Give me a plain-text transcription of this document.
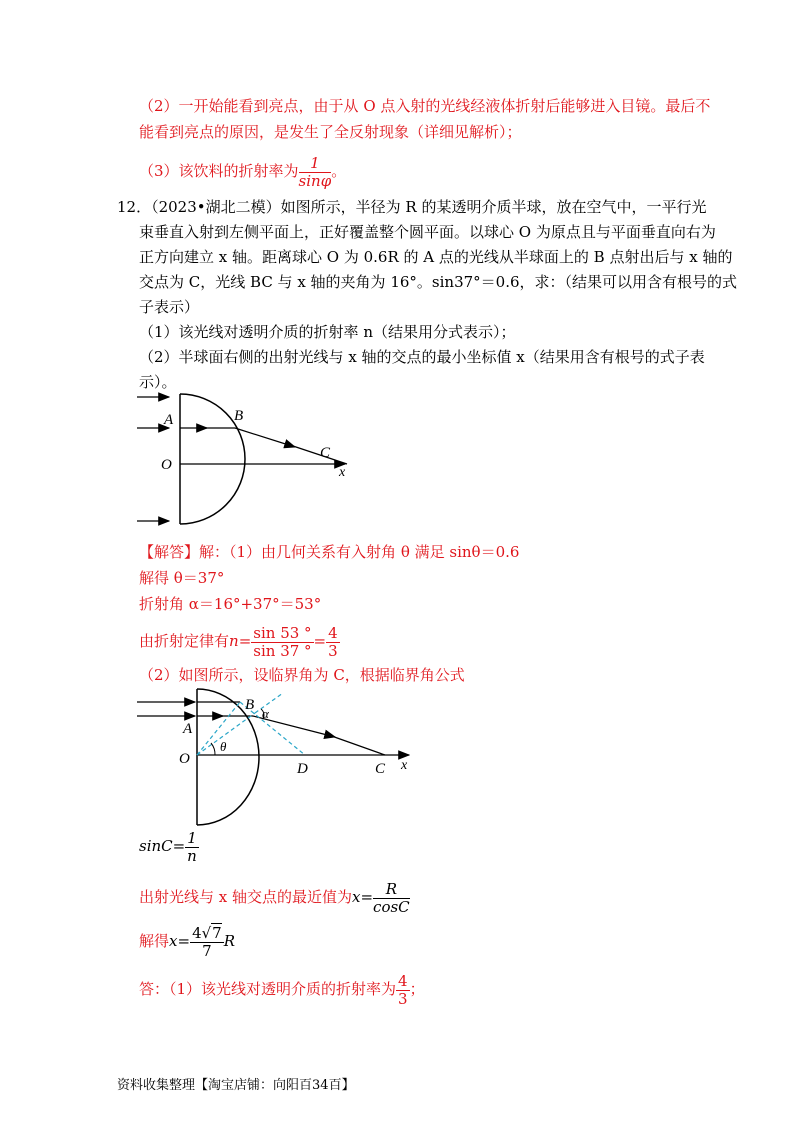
（2）一开始能看到亮点，由于从 O 点入射的光线经液体折射后能够进入目镜。最后不
能看到亮点的原因，是发生了全反射现象（详细见解析）；
（3）该饮料的折射率为 $\frac{1}{\sin\varphi}$ 。
12．（2023•湖北二模）如图所示，半径为 R 的某透明介质半球，放在空气中，一平行光
束垂直入射到左侧平面上，正好覆盖整个圆平面。以球心 O 为原点且与平面垂直向右为
正方向建立 x 轴。距离球心 O 为 0.6R 的 A 点的光线从半球面上的 B 点射出后与 x 轴的
交点为 C，光线 BC 与 x 轴的夹角为 16°。sin37°＝0.6，求：（结果可以用含有根号的式
子表示）
（1）该光线对透明介质的折射率 n（结果用分式表示）；
（2）半球面右侧的出射光线与 x 轴的交点的最小坐标值 x（结果用含有根号的式子表
示）。
A	B
C
O	x
【解答】解：（1）由几何关系有入射角 θ 满足 sinθ＝0.6
解得 θ＝37°
折射角 α＝16°+37°＝53°
由折射定律有$n= \frac{\sin 53 ^\circ}{\sin 37 ^\circ} = \frac{4}{3}$
（2）如图所示，设临界角为 C，根据临界角公式
A
B
α
θ
O
D	C x
$\sin C= \frac{1}{n}$
出射光线与 x 轴交点的最近值为$x= \frac{R}{\cos C}$
解得$x= \frac{4√7}{7}$ R
答：（1）该光线对透明介质的折射率为 $\frac{4}{3}$ ；
资料收集整理【淘宝店铺：向阳百34百】
